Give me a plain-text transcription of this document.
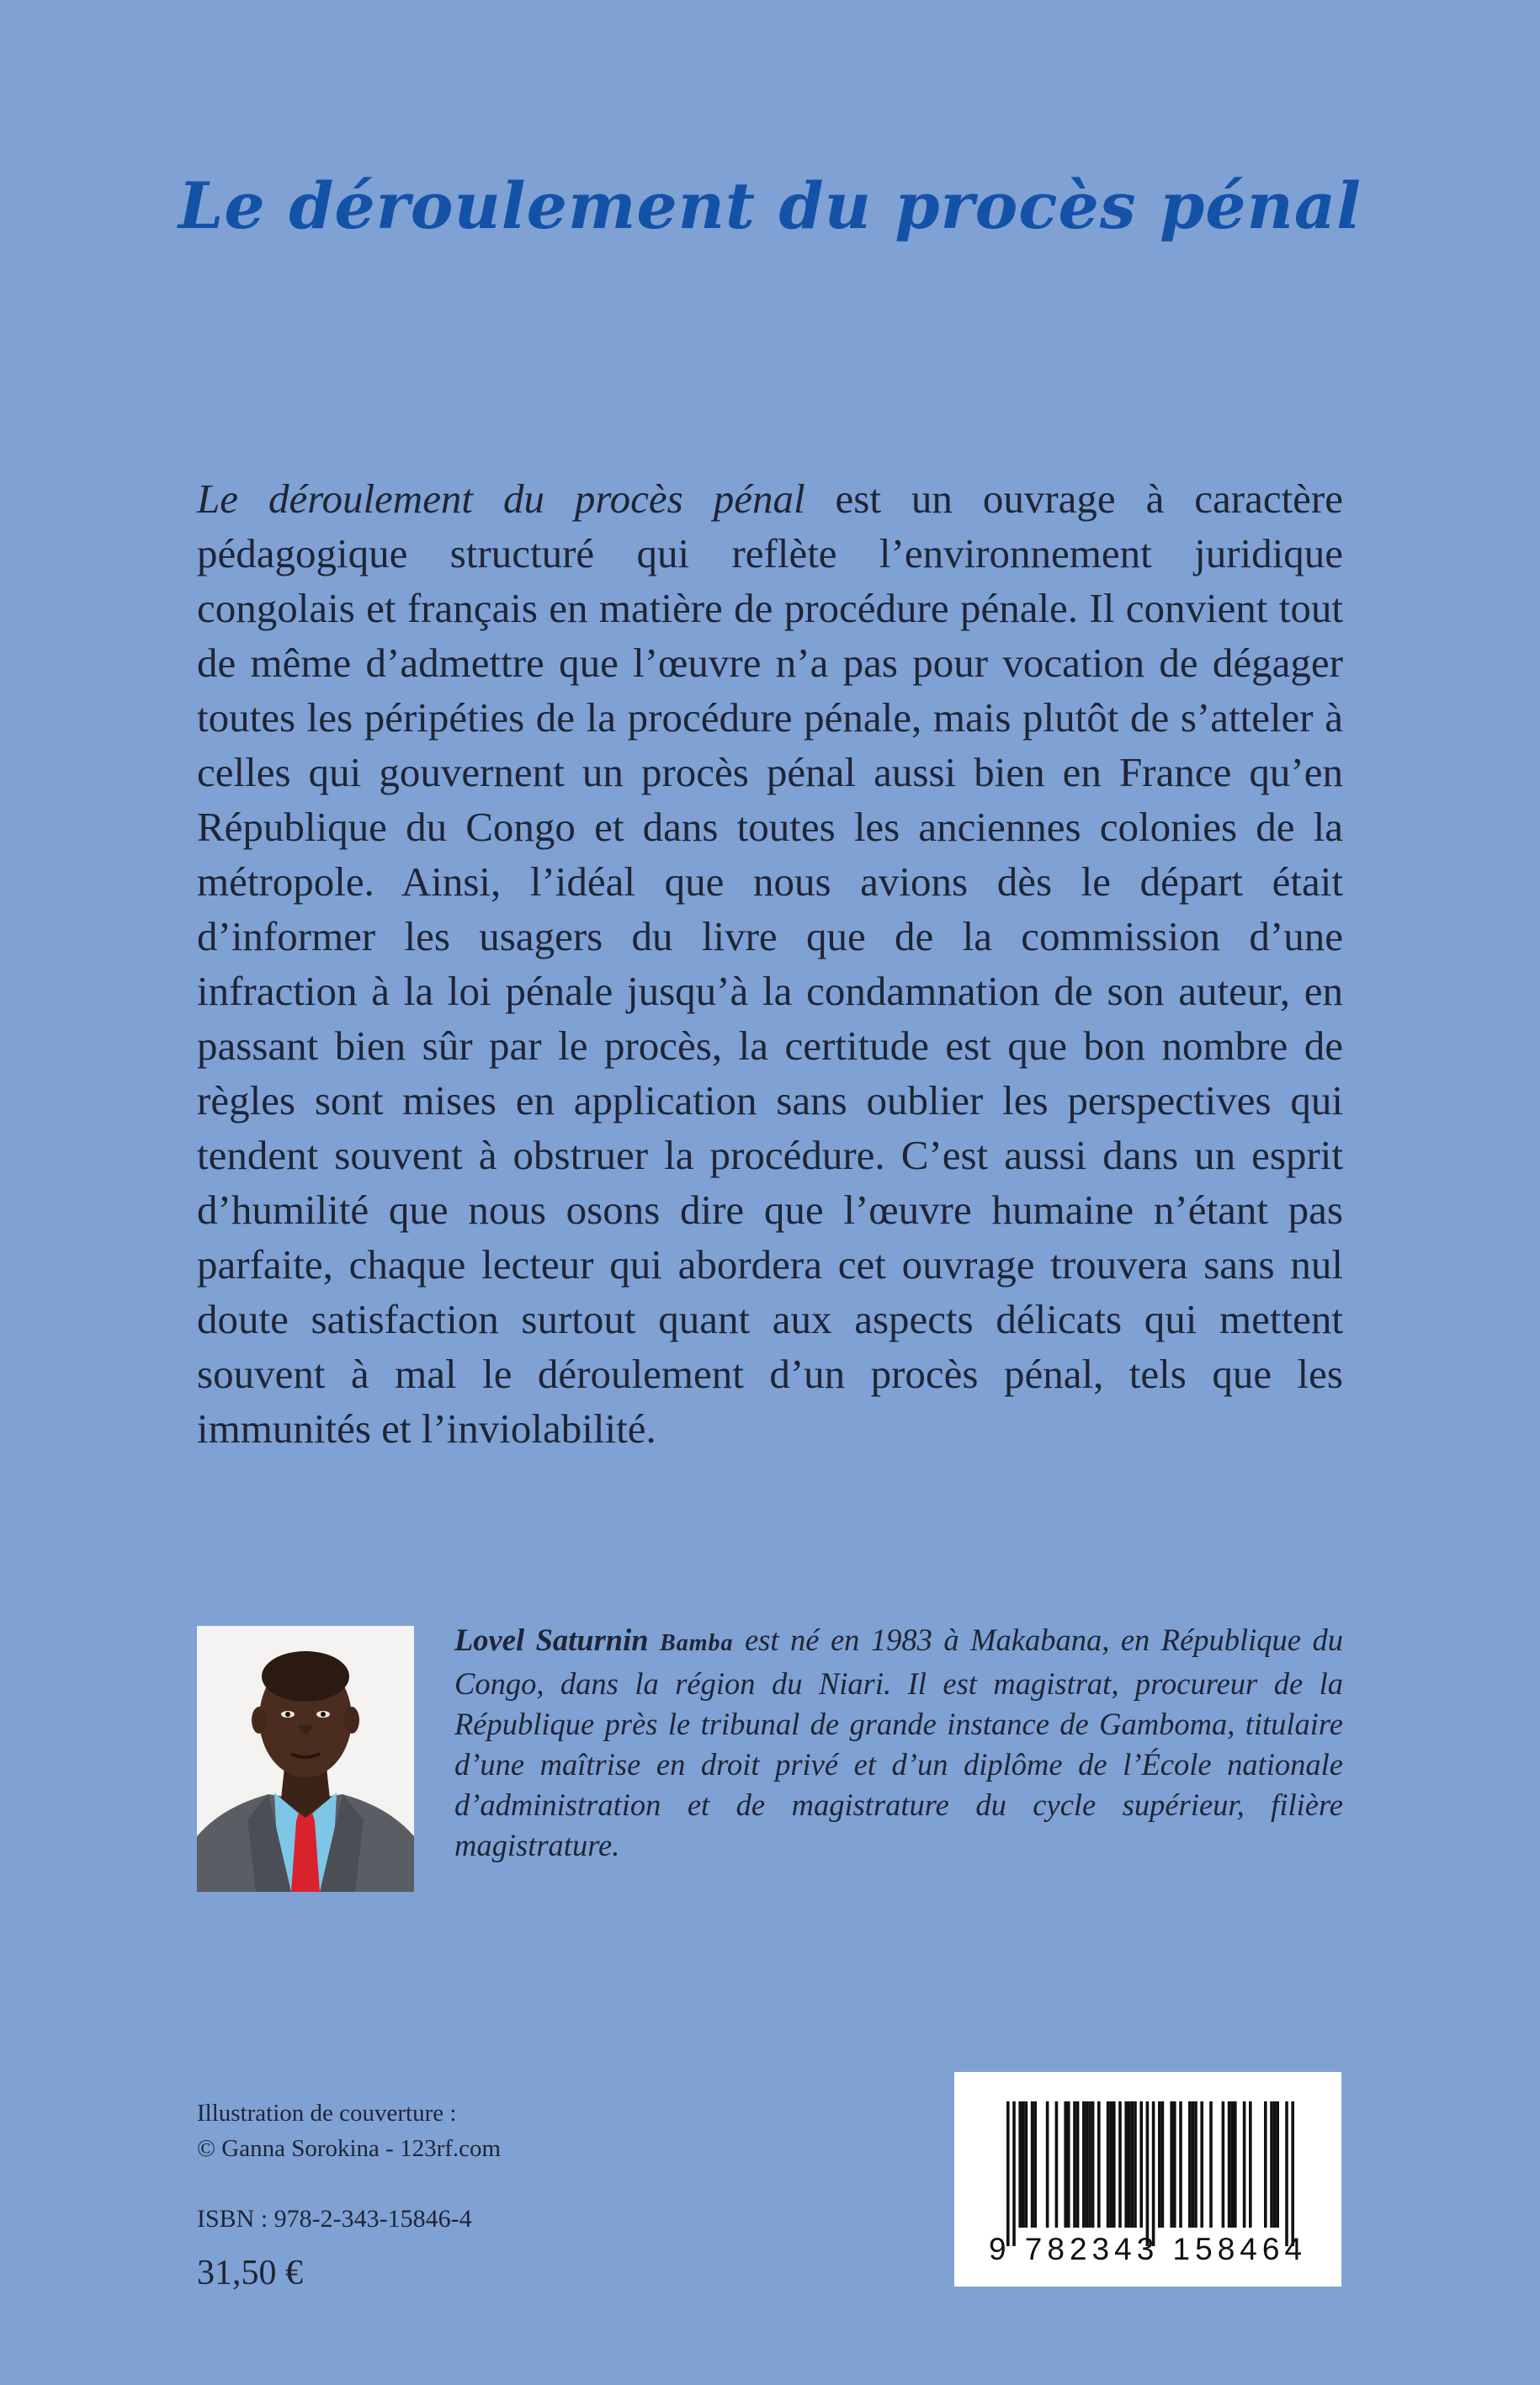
Le déroulement du procès pénal
Le déroulement du procès pénal est un ouvrage à caractère pédagogique structuré qui reflète l’environnement juridique congolais et français en matière de procédure pénale. Il convient tout de même d’admettre que l’œuvre n’a pas pour vocation de dégager toutes les péripéties de la procédure pénale, mais plutôt de s’atteler à celles qui gouvernent un procès pénal aussi bien en France qu’en République du Congo et dans toutes les anciennes colonies de la métropole. Ainsi, l’idéal que nous avions dès le départ était d’informer les usagers du livre que de la commission d’une infraction à la loi pénale jusqu’à la condamnation de son auteur, en passant bien sûr par le procès, la certitude est que bon nombre de règles sont mises en application sans oublier les perspectives qui tendent souvent à obstruer la procédure. C’est aussi dans un esprit d’humilité que nous osons dire que l’œuvre humaine n’étant pas parfaite, chaque lecteur qui abordera cet ouvrage trouvera sans nul doute satisfaction surtout quant aux aspects délicats qui mettent souvent à mal le déroulement d’un procès pénal, tels que les immunités et l’inviolabilité.
Lovel Saturnin Bamba est né en 1983 à Makabana, en République du Congo, dans la région du Niari. Il est magistrat, procureur de la République près le tribunal de grande instance de Gamboma, titulaire d’une maîtrise en droit privé et d’un diplôme de l’École nationale d’administration et de magistrature du cycle supérieur, filière magistrature.
Illustration de couverture :
© Ganna Sorokina - 123rf.com
ISBN : 978-2-343-15846-4
31,50 €
9 782343 158464
